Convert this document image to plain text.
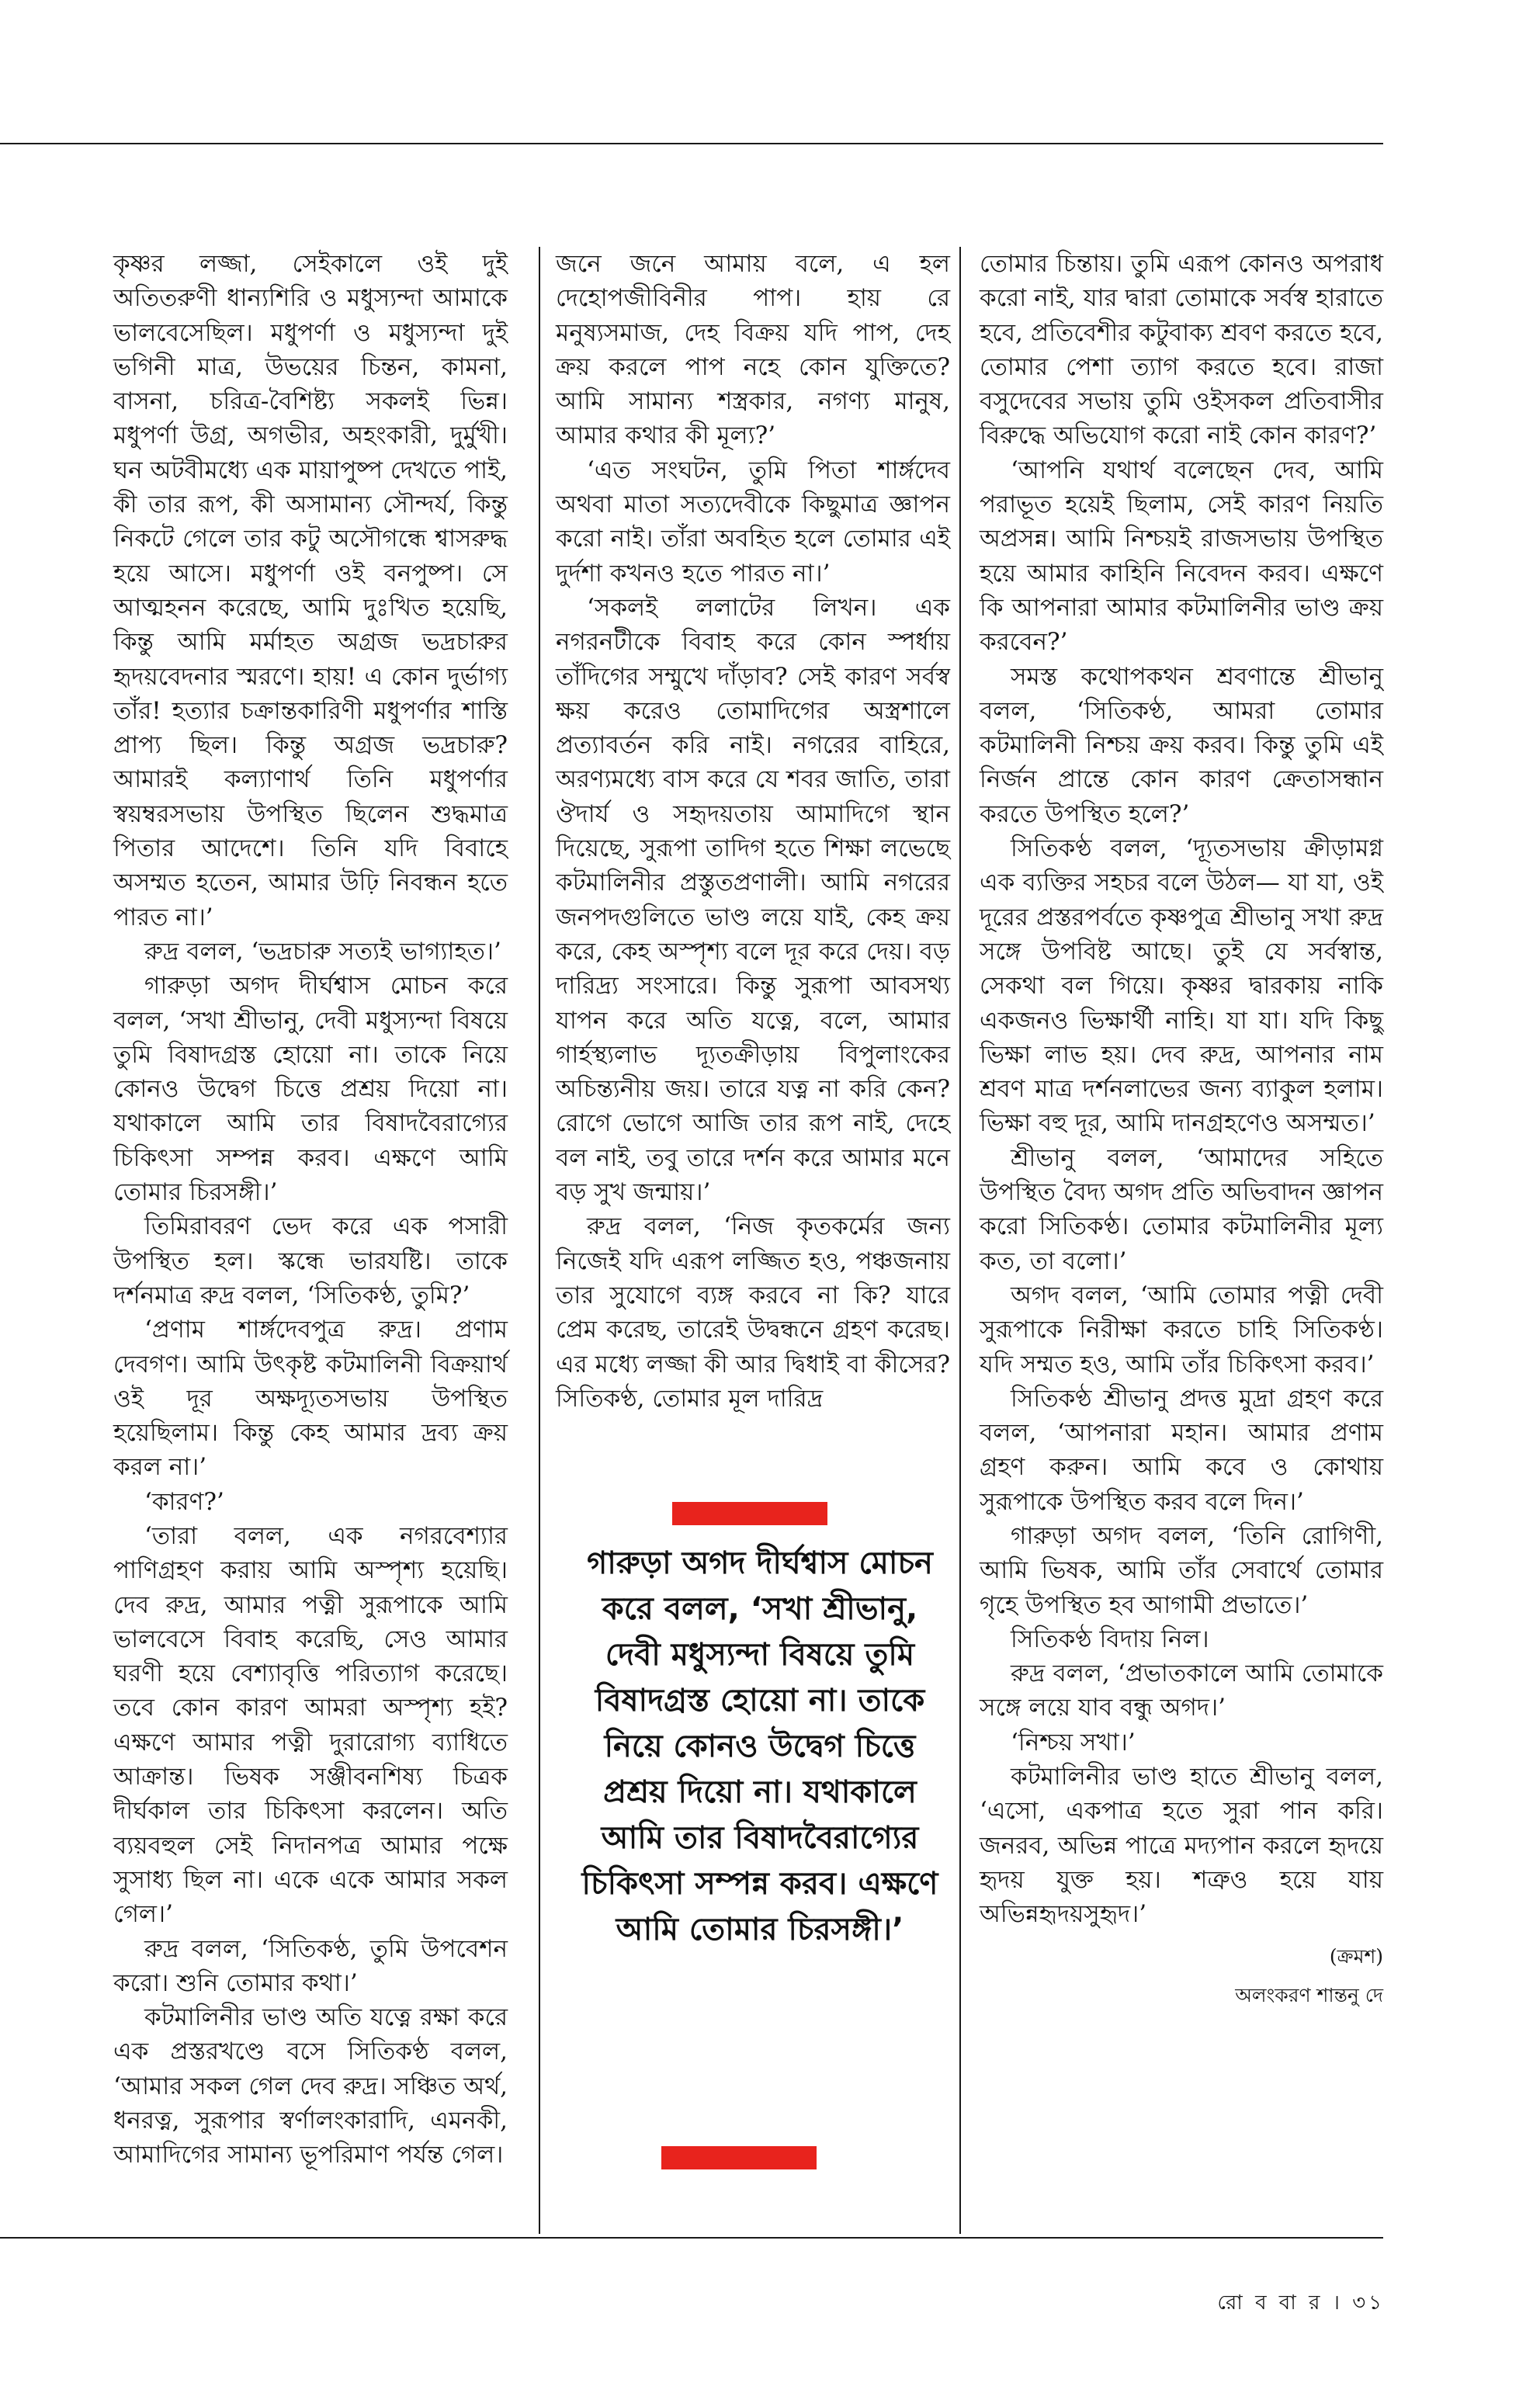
কৃষ্ণর লজ্জা, সেইকালে ওই দুই অতিতরুণী ধান্যশিরি ও মধুস্যন্দা আমাকে ভালবেসেছিল। মধুপর্ণা ও মধুস্যন্দা দুই ভগিনী মাত্র, উভয়ের চিন্তন, কামনা, বাসনা, চরিত্র-বৈশিষ্ট্য সকলই ভিন্ন। মধুপর্ণা উগ্র, অগভীর, অহংকারী, দুর্মুখী। ঘন অটবীমধ্যে এক মায়াপুষ্প দেখতে পাই, কী তার রূপ, কী অসামান্য সৌন্দর্য, কিন্তু নিকটে গেলে তার কটু অসৌগন্ধে শ্বাসরুদ্ধ হয়ে আসে। মধুপর্ণা ওই বনপুষ্প। সে আত্মহনন করেছে, আমি দুঃখিত হয়েছি, কিন্তু আমি মর্মাহত অগ্রজ ভদ্রচারুর হৃদয়বেদনার স্মরণে। হায়! এ কোন দুর্ভাগ্য তাঁর! হত্যার চক্রান্তকারিণী মধুপর্ণার শাস্তি প্রাপ্য ছিল। কিন্তু অগ্রজ ভদ্রচারু? আমারই কল্যাণার্থ তিনি মধুপর্ণার স্বয়ম্বরসভায় উপস্থিত ছিলেন শুদ্ধমাত্র পিতার আদেশে। তিনি যদি বিবাহে অসম্মত হতেন, আমার উঢ়ি নিবন্ধন হতে পারত না।’

রুদ্র বলল, ‘ভদ্রচারু সত্যই ভাগ্যাহত।’

গারুড়া অগদ দীর্ঘশ্বাস মোচন করে বলল, ‘সখা শ্রীভানু, দেবী মধুস্যন্দা বিষয়ে তুমি বিষাদগ্রস্ত হোয়ো না। তাকে নিয়ে কোনও উদ্বেগ চিত্তে প্রশ্রয় দিয়ো না। যথাকালে আমি তার বিষাদবৈরাগ্যের চিকিৎসা সম্পন্ন করব। এক্ষণে আমি তোমার চিরসঙ্গী।’

তিমিরাবরণ ভেদ করে এক পসারী উপস্থিত হল। স্কন্ধে ভারযষ্টি। তাকে দর্শনমাত্র রুদ্র বলল, ‘সিতিকণ্ঠ, তুমি?’

‘প্রণাম শার্ঙ্গদেবপুত্র রুদ্র। প্রণাম দেবগণ। আমি উৎকৃষ্ট কটমালিনী বিক্রয়ার্থ ওই দূর অক্ষদ্যূতসভায় উপস্থিত হয়েছিলাম। কিন্তু কেহ আমার দ্রব্য ক্রয় করল না।’

‘কারণ?’

‘তারা বলল, এক নগরবেশ্যার পাণিগ্রহণ করায় আমি অস্পৃশ্য হয়েছি। দেব রুদ্র, আমার পত্নী সুরূপাকে আমি ভালবেসে বিবাহ করেছি, সেও আমার ঘরণী হয়ে বেশ্যাবৃত্তি পরিত্যাগ করেছে। তবে কোন কারণ আমরা অস্পৃশ্য হই? এক্ষণে আমার পত্নী দুরারোগ্য ব্যাধিতে আক্রান্ত। ভিষক সঞ্জীবনশিষ্য চিত্রক দীর্ঘকাল তার চিকিৎসা করলেন। অতি ব্যয়বহুল সেই নিদানপত্র আমার পক্ষে সুসাধ্য ছিল না। একে একে আমার সকল গেল।’

রুদ্র বলল, ‘সিতিকণ্ঠ, তুমি উপবেশন করো। শুনি তোমার কথা।’

কটমালিনীর ভাণ্ড অতি যত্নে রক্ষা করে এক প্রস্তরখণ্ডে বসে সিতিকণ্ঠ বলল, ‘আমার সকল গেল দেব রুদ্র। সঞ্চিত অর্থ, ধনরত্ন, সুরূপার স্বর্ণালংকারাদি, এমনকী, আমাদিগের সামান্য ভূপরিমাণ পর্যন্ত গেল।

জনে জনে আমায় বলে, এ হল দেহোপজীবিনীর পাপ। হায় রে মনুষ্যসমাজ, দেহ বিক্রয় যদি পাপ, দেহ ক্রয় করলে পাপ নহে কোন যুক্তিতে? আমি সামান্য শস্ত্রকার, নগণ্য মানুষ, আমার কথার কী মূল্য?’

‘এত সংঘটন, তুমি পিতা শার্ঙ্গদেব অথবা মাতা সত্যদেবীকে কিছুমাত্র জ্ঞাপন করো নাই। তাঁরা অবহিত হলে তোমার এই দুর্দশা কখনও হতে পারত না।’

‘সকলই ললাটের লিখন। এক নগরনটীকে বিবাহ করে কোন স্পর্ধায় তাঁদিগের সম্মুখে দাঁড়াব? সেই কারণ সর্বস্ব ক্ষয় করেও তোমাদিগের অস্ত্রশালে প্রত্যাবর্তন করি নাই। নগরের বাহিরে, অরণ্যমধ্যে বাস করে যে শবর জাতি, তারা ঔদার্য ও সহৃদয়তায় আমাদিগে স্থান দিয়েছে, সুরূপা তাদিগ হতে শিক্ষা লভেছে কটমালিনীর প্রস্তুতপ্রণালী। আমি নগরের জনপদগুলিতে ভাণ্ড লয়ে যাই, কেহ ক্রয় করে, কেহ অস্পৃশ্য বলে দূর করে দেয়। বড় দারিদ্র্য সংসারে। কিন্তু সুরূপা আবসথ্য যাপন করে অতি যত্নে, বলে, আমার গার্হস্থ্যলাভ দ্যূতক্রীড়ায় বিপুলাংকের অচিন্ত্যনীয় জয়। তারে যত্ন না করি কেন? রোগে ভোগে আজি তার রূপ নাই, দেহে বল নাই, তবু তারে দর্শন করে আমার মনে বড় সুখ জন্মায়।’

রুদ্র বলল, ‘নিজ কৃতকর্মের জন্য নিজেই যদি এরূপ লজ্জিত হও, পঞ্চজনায় তার সুযোগে ব্যঙ্গ করবে না কি? যারে প্রেম করেছ, তারেই উদ্বন্ধনে গ্রহণ করেছ। এর মধ্যে লজ্জা কী আর দ্বিধাই বা কীসের? সিতিকণ্ঠ, তোমার মূল দারিদ্র

গারুড়া অগদ দীর্ঘশ্বাস মোচন করে বলল, ‘সখা শ্রীভানু, দেবী মধুস্যন্দা বিষয়ে তুমি বিষাদগ্রস্ত হোয়ো না। তাকে নিয়ে কোনও উদ্বেগ চিত্তে প্রশ্রয় দিয়ো না। যথাকালে আমি তার বিষাদবৈরাগ্যের চিকিৎসা সম্পন্ন করব। এক্ষণে আমি তোমার চিরসঙ্গী।’

তোমার চিন্তায়। তুমি এরূপ কোনও অপরাধ করো নাই, যার দ্বারা তোমাকে সর্বস্ব হারাতে হবে, প্রতিবেশীর কটুবাক্য শ্রবণ করতে হবে, তোমার পেশা ত্যাগ করতে হবে। রাজা বসুদেবের সভায় তুমি ওইসকল প্রতিবাসীর বিরুদ্ধে অভিযোগ করো নাই কোন কারণ?’

‘আপনি যথার্থ বলেছেন দেব, আমি পরাভূত হয়েই ছিলাম, সেই কারণ নিয়তি অপ্রসন্ন। আমি নিশ্চয়ই রাজসভায় উপস্থিত হয়ে আমার কাহিনি নিবেদন করব। এক্ষণে কি আপনারা আমার কটমালিনীর ভাণ্ড ক্রয় করবেন?’

সমস্ত কথোপকথন শ্রবণান্তে শ্রীভানু বলল, ‘সিতিকণ্ঠ, আমরা তোমার কটমালিনী নিশ্চয় ক্রয় করব। কিন্তু তুমি এই নির্জন প্রান্তে কোন কারণ ক্রেতাসন্ধান করতে উপস্থিত হলে?’

সিতিকণ্ঠ বলল, ‘দ্যূতসভায় ক্রীড়ামগ্ন এক ব্যক্তির সহচর বলে উঠল— যা যা, ওই দূরের প্রস্তরপর্বতে কৃষ্ণপুত্র শ্রীভানু সখা রুদ্র সঙ্গে উপবিষ্ট আছে। তুই যে সর্বস্বান্ত, সেকথা বল গিয়ে। কৃষ্ণর দ্বারকায় নাকি একজনও ভিক্ষার্থী নাহি। যা যা। যদি কিছু ভিক্ষা লাভ হয়। দেব রুদ্র, আপনার নাম শ্রবণ মাত্র দর্শনলাভের জন্য ব্যাকুল হলাম। ভিক্ষা বহু দূর, আমি দানগ্রহণেও অসম্মত।’

শ্রীভানু বলল, ‘আমাদের সহিতে উপস্থিত বৈদ্য অগদ প্রতি অভিবাদন জ্ঞাপন করো সিতিকণ্ঠ। তোমার কটমালিনীর মূল্য কত, তা বলো।’

অগদ বলল, ‘আমি তোমার পত্নী দেবী সুরূপাকে নিরীক্ষা করতে চাহি সিতিকণ্ঠ। যদি সম্মত হও, আমি তাঁর চিকিৎসা করব।’

সিতিকণ্ঠ শ্রীভানু প্রদত্ত মুদ্রা গ্রহণ করে বলল, ‘আপনারা মহান। আমার প্রণাম গ্রহণ করুন। আমি কবে ও কোথায় সুরূপাকে উপস্থিত করব বলে দিন।’

গারুড়া অগদ বলল, ‘তিনি রোগিণী, আমি ভিষক, আমি তাঁর সেবার্থে তোমার গৃহে উপস্থিত হব আগামী প্রভাতে।’

সিতিকণ্ঠ বিদায় নিল।

রুদ্র বলল, ‘প্রভাতকালে আমি তোমাকে সঙ্গে লয়ে যাব বন্ধু অগদ।’

‘নিশ্চয় সখা।’

কটমালিনীর ভাণ্ড হাতে শ্রীভানু বলল, ‘এসো, একপাত্র হতে সুরা পান করি। জনরব, অভিন্ন পাত্রে মদ্যপান করলে হৃদয়ে হৃদয় যুক্ত হয়। শত্রুও হয়ে যায় অভিন্নহৃদয়সুহৃদ।’

(ক্রমশ)
অলংকরণ শান্তনু দে
রো ব বা র । ৩১
